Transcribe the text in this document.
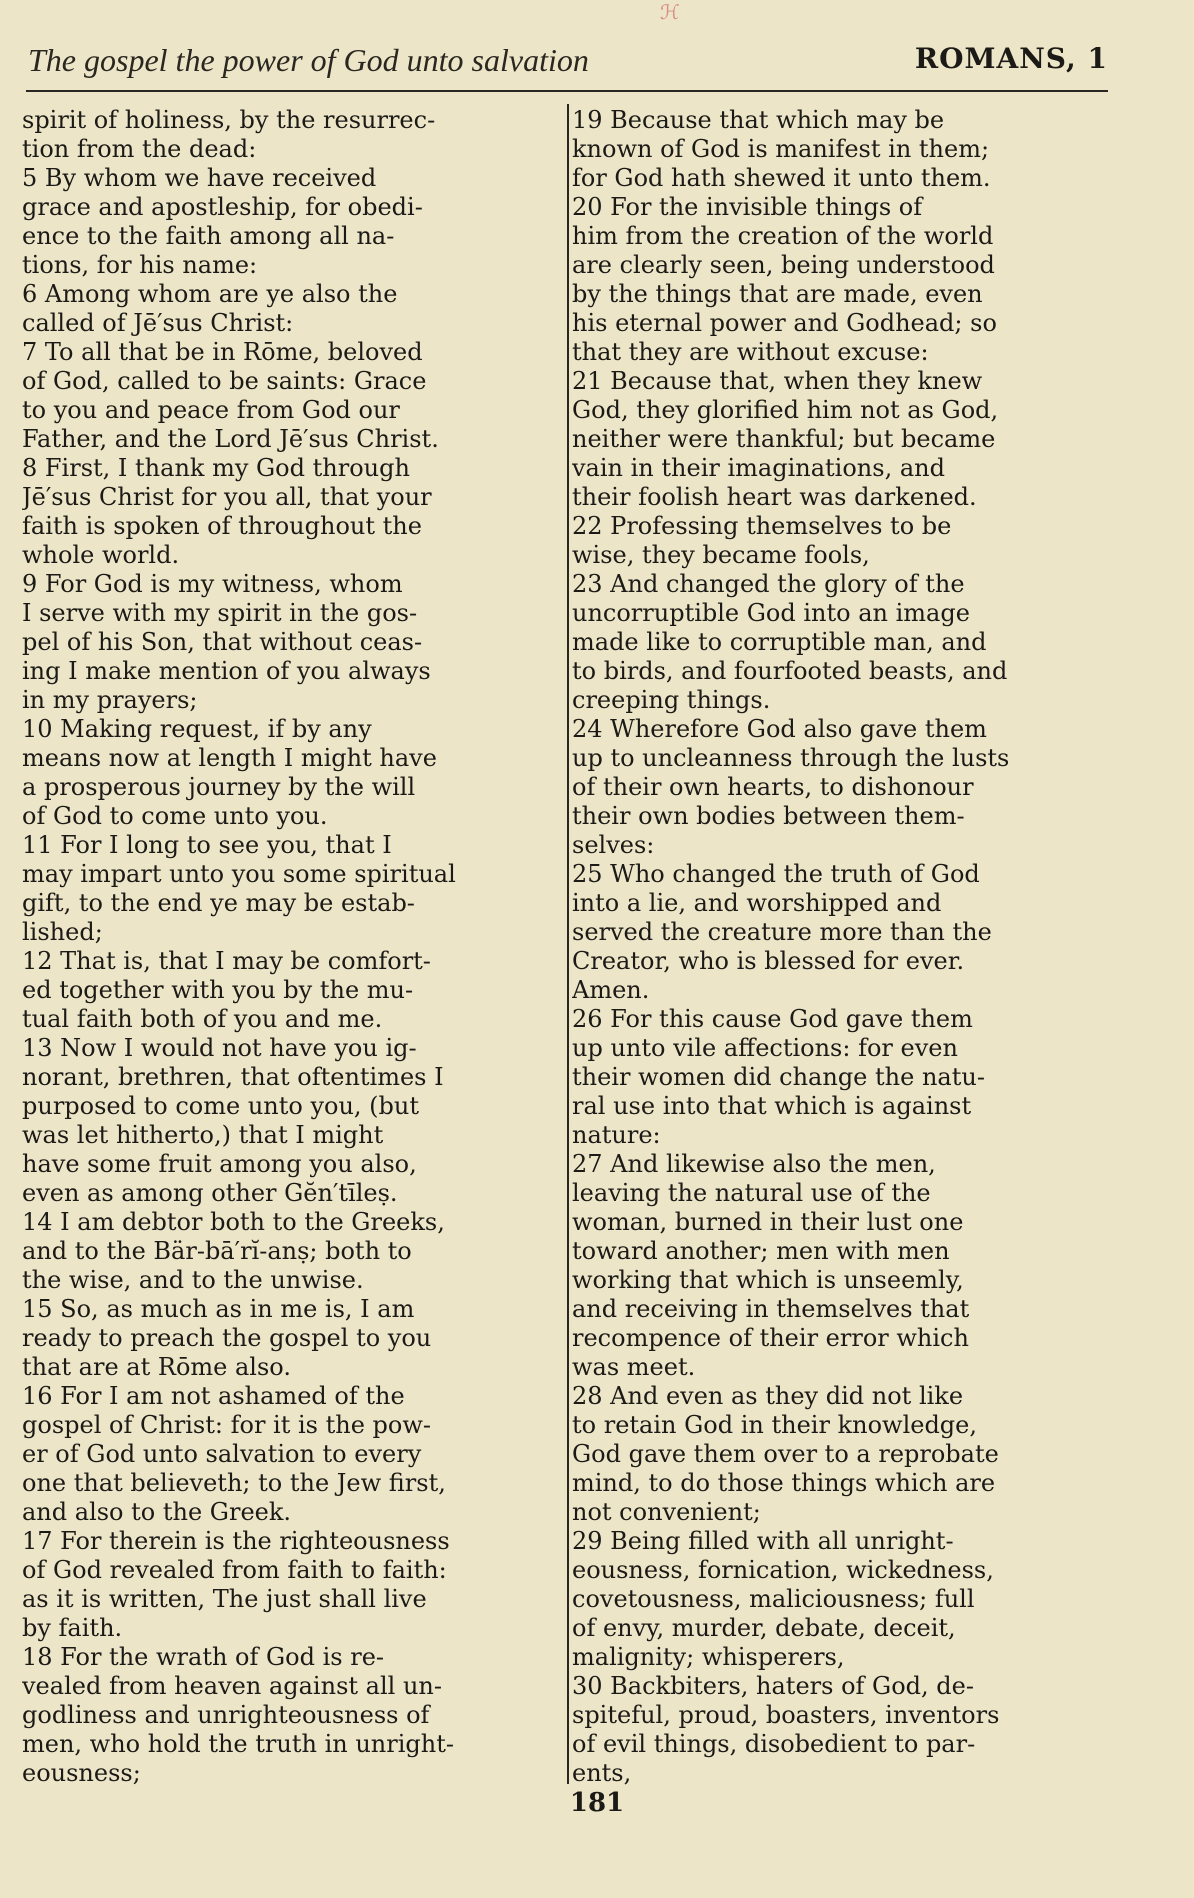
ℋ
The gospel the power of God unto salvation	ROMANS, 1
spirit of holiness, by the resurrec-
tion from the dead:
5 By whom we have received
grace and apostleship, for obedi-
ence to the faith among all na-
tions, for his name:
6 Among whom are ye also the
called of Jē′sus Christ:
7 To all that be in Rōme, beloved
of God, called to be saints: Grace
to you and peace from God our
Father, and the Lord Jē′sus Christ.
8 First, I thank my God through
Jē′sus Christ for you all, that your
faith is spoken of throughout the
whole world.
9 For God is my witness, whom
I serve with my spirit in the gos-
pel of his Son, that without ceas-
ing I make mention of you always
in my prayers;
10 Making request, if by any
means now at length I might have
a prosperous journey by the will
of God to come unto you.
11 For I long to see you, that I
may impart unto you some spiritual
gift, to the end ye may be estab-
lished;
12 That is, that I may be comfort-
ed together with you by the mu-
tual faith both of you and me.
13 Now I would not have you ig-
norant, brethren, that oftentimes I
purposed to come unto you, (but
was let hitherto,) that I might
have some fruit among you also,
even as among other Gĕn′tīleṣ.
14 I am debtor both to the Greeks,
and to the Bär-bā′rĭ-anṣ; both to
the wise, and to the unwise.
15 So, as much as in me is, I am
ready to preach the gospel to you
that are at Rōme also.
16 For I am not ashamed of the
gospel of Christ: for it is the pow-
er of God unto salvation to every
one that believeth; to the Jew first,
and also to the Greek.
17 For therein is the righteousness
of God revealed from faith to faith:
as it is written, The just shall live
by faith.
18 For the wrath of God is re-
vealed from heaven against all un-
godliness and unrighteousness of
men, who hold the truth in unright-
eousness;
19 Because that which may be
known of God is manifest in them;
for God hath shewed it unto them.
20 For the invisible things of
him from the creation of the world
are clearly seen, being understood
by the things that are made, even
his eternal power and Godhead; so
that they are without excuse:
21 Because that, when they knew
God, they glorified him not as God,
neither were thankful; but became
vain in their imaginations, and
their foolish heart was darkened.
22 Professing themselves to be
wise, they became fools,
23 And changed the glory of the
uncorruptible God into an image
made like to corruptible man, and
to birds, and fourfooted beasts, and
creeping things.
24 Wherefore God also gave them
up to uncleanness through the lusts
of their own hearts, to dishonour
their own bodies between them-
selves:
25 Who changed the truth of God
into a lie, and worshipped and
served the creature more than the
Creator, who is blessed for ever.
Amen.
26 For this cause God gave them
up unto vile affections: for even
their women did change the natu-
ral use into that which is against
nature:
27 And likewise also the men,
leaving the natural use of the
woman, burned in their lust one
toward another; men with men
working that which is unseemly,
and receiving in themselves that
recompence of their error which
was meet.
28 And even as they did not like
to retain God in their knowledge,
God gave them over to a reprobate
mind, to do those things which are
not convenient;
29 Being filled with all unright-
eousness, fornication, wickedness,
covetousness, maliciousness; full
of envy, murder, debate, deceit,
malignity; whisperers,
30 Backbiters, haters of God, de-
spiteful, proud, boasters, inventors
of evil things, disobedient to par-
ents,
181
